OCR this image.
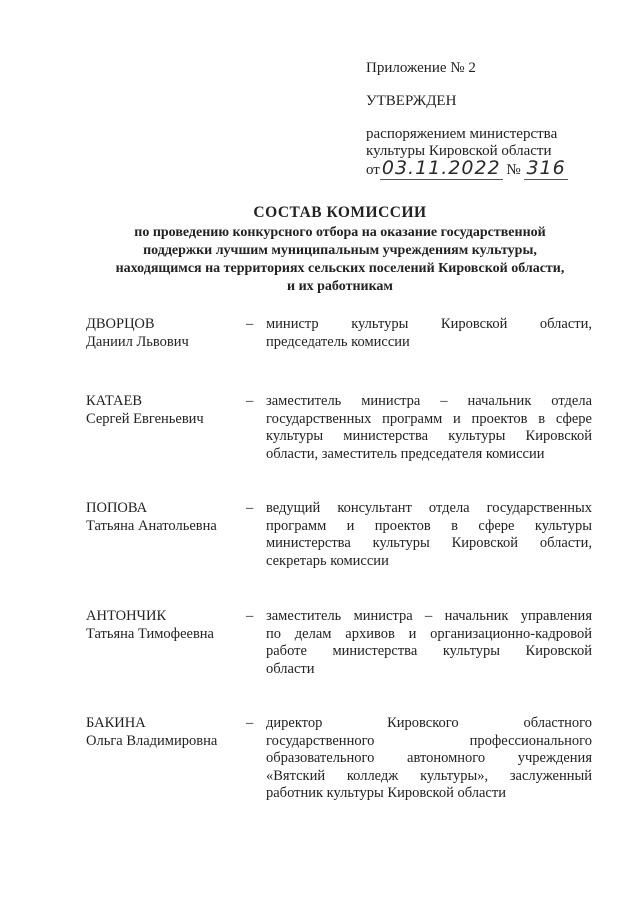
Приложение № 2
УТВЕРЖДЕН
распоряжением министерства
культуры Кировской области
от 03.11.2022 № 316
СОСТАВ КОМИССИИ
по проведению конкурсного отбора на оказание государственной
поддержки лучшим муниципальным учреждениям культуры,
находящимся на территориях сельских поселений Кировской области,
и их работникам
ДВОРЦОВ
Даниил Львович
– министр культуры Кировской области,
председатель комиссии
КАТАЕВ
Сергей Евгеньевич
– заместитель министра – начальник отдела
государственных программ и проектов в сфере
культуры министерства культуры Кировской
области, заместитель председателя комиссии
ПОПОВА
Татьяна Анатольевна
– ведущий консультант отдела государственных
программ и проектов в сфере культуры
министерства культуры Кировской области,
секретарь комиссии
АНТОНЧИК
Татьяна Тимофеевна
– заместитель министра – начальник управления
по делам архивов и организационно-кадровой
работе министерства культуры Кировской
области
БАКИНА
Ольга Владимировна
– директор Кировского областного
государственного профессионального
образовательного автономного учреждения
«Вятский колледж культуры», заслуженный
работник культуры Кировской области
